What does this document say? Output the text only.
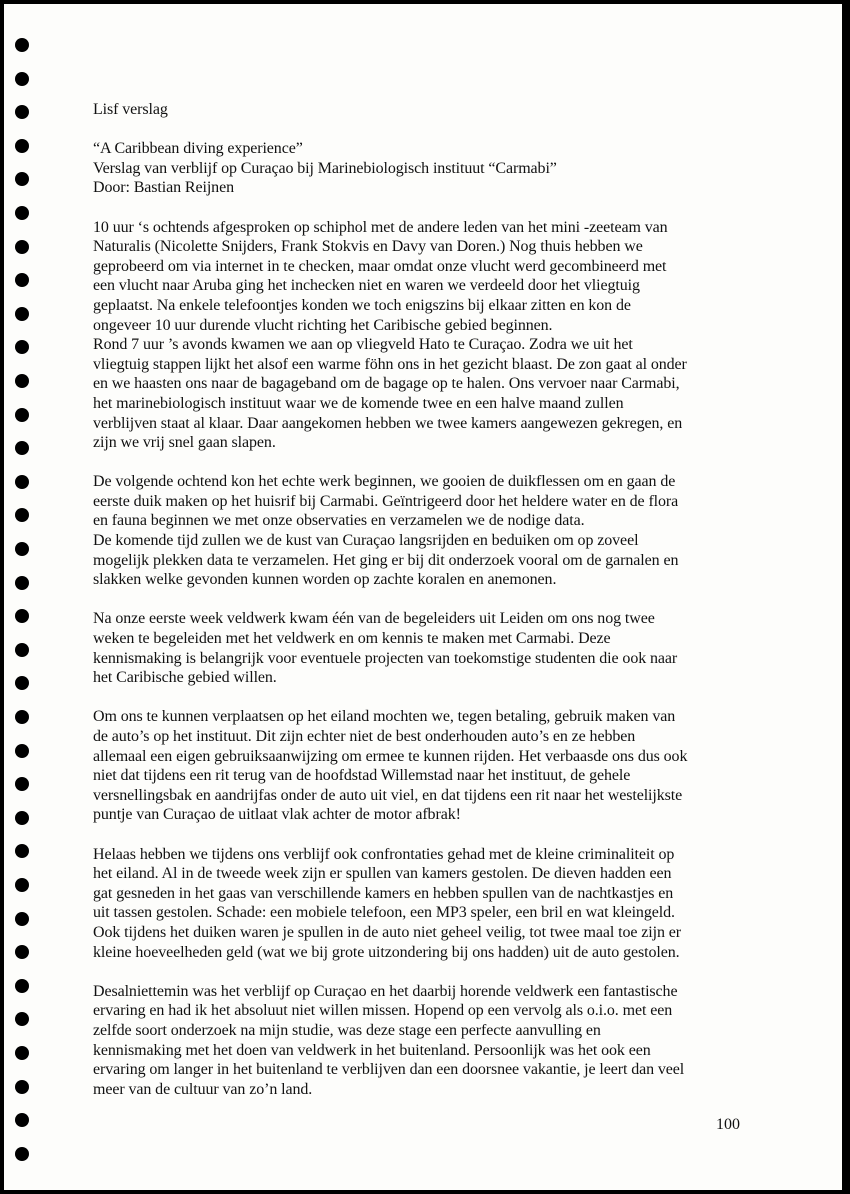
Lisf verslag

“A Caribbean diving experience”

Verslag van verblijf op Curaçao bij Marinebiologisch instituut “Carmabi”

Door: Bastian Reijnen

10 uur ‘s ochtends afgesproken op schiphol met de andere leden van het mini -zeeteam van

Naturalis (Nicolette Snijders, Frank Stokvis en Davy van Doren.) Nog thuis hebben we

geprobeerd om via internet in te checken, maar omdat onze vlucht werd gecombineerd met

een vlucht naar Aruba ging het inchecken niet en waren we verdeeld door het vliegtuig

geplaatst. Na enkele telefoontjes konden we toch enigszins bij elkaar zitten en kon de

ongeveer 10 uur durende vlucht richting het Caribische gebied beginnen.

Rond 7 uur ’s avonds kwamen we aan op vliegveld Hato te Curaçao. Zodra we uit het

vliegtuig stappen lijkt het alsof een warme föhn ons in het gezicht blaast. De zon gaat al onder

en we haasten ons naar de bagageband om de bagage op te halen. Ons vervoer naar Carmabi,

het marinebiologisch instituut waar we de komende twee en een halve maand zullen

verblijven staat al klaar. Daar aangekomen hebben we twee kamers aangewezen gekregen, en

zijn we vrij snel gaan slapen.

De volgende ochtend kon het echte werk beginnen, we gooien de duikflessen om en gaan de

eerste duik maken op het huisrif bij Carmabi. Geïntrigeerd door het heldere water en de flora

en fauna beginnen we met onze observaties en verzamelen we de nodige data.

De komende tijd zullen we de kust van Curaçao langsrijden en beduiken om op zoveel

mogelijk plekken data te verzamelen. Het ging er bij dit onderzoek vooral om de garnalen en

slakken welke gevonden kunnen worden op zachte koralen en anemonen.

Na onze eerste week veldwerk kwam één van de begeleiders uit Leiden om ons nog twee

weken te begeleiden met het veldwerk en om kennis te maken met Carmabi. Deze

kennismaking is belangrijk voor eventuele projecten van toekomstige studenten die ook naar

het Caribische gebied willen.

Om ons te kunnen verplaatsen op het eiland mochten we, tegen betaling, gebruik maken van

de auto’s op het instituut. Dit zijn echter niet de best onderhouden auto’s en ze hebben

allemaal een eigen gebruiksaanwijzing om ermee te kunnen rijden. Het verbaasde ons dus ook

niet dat tijdens een rit terug van de hoofdstad Willemstad naar het instituut, de gehele

versnellingsbak en aandrijfas onder de auto uit viel, en dat tijdens een rit naar het westelijkste

puntje van Curaçao de uitlaat vlak achter de motor afbrak!

Helaas hebben we tijdens ons verblijf ook confrontaties gehad met de kleine criminaliteit op

het eiland. Al in de tweede week zijn er spullen van kamers gestolen. De dieven hadden een

gat gesneden in het gaas van verschillende kamers en hebben spullen van de nachtkastjes en

uit tassen gestolen. Schade: een mobiele telefoon, een MP3 speler, een bril en wat kleingeld.

Ook tijdens het duiken waren je spullen in de auto niet geheel veilig, tot twee maal toe zijn er

kleine hoeveelheden geld (wat we bij grote uitzondering bij ons hadden) uit de auto gestolen.

Desalniettemin was het verblijf op Curaçao en het daarbij horende veldwerk een fantastische

ervaring en had ik het absoluut niet willen missen. Hopend op een vervolg als o.i.o. met een

zelfde soort onderzoek na mijn studie, was deze stage een perfecte aanvulling en

kennismaking met het doen van veldwerk in het buitenland. Persoonlijk was het ook een

ervaring om langer in het buitenland te verblijven dan een doorsnee vakantie, je leert dan veel

meer van de cultuur van zo’n land.

100
